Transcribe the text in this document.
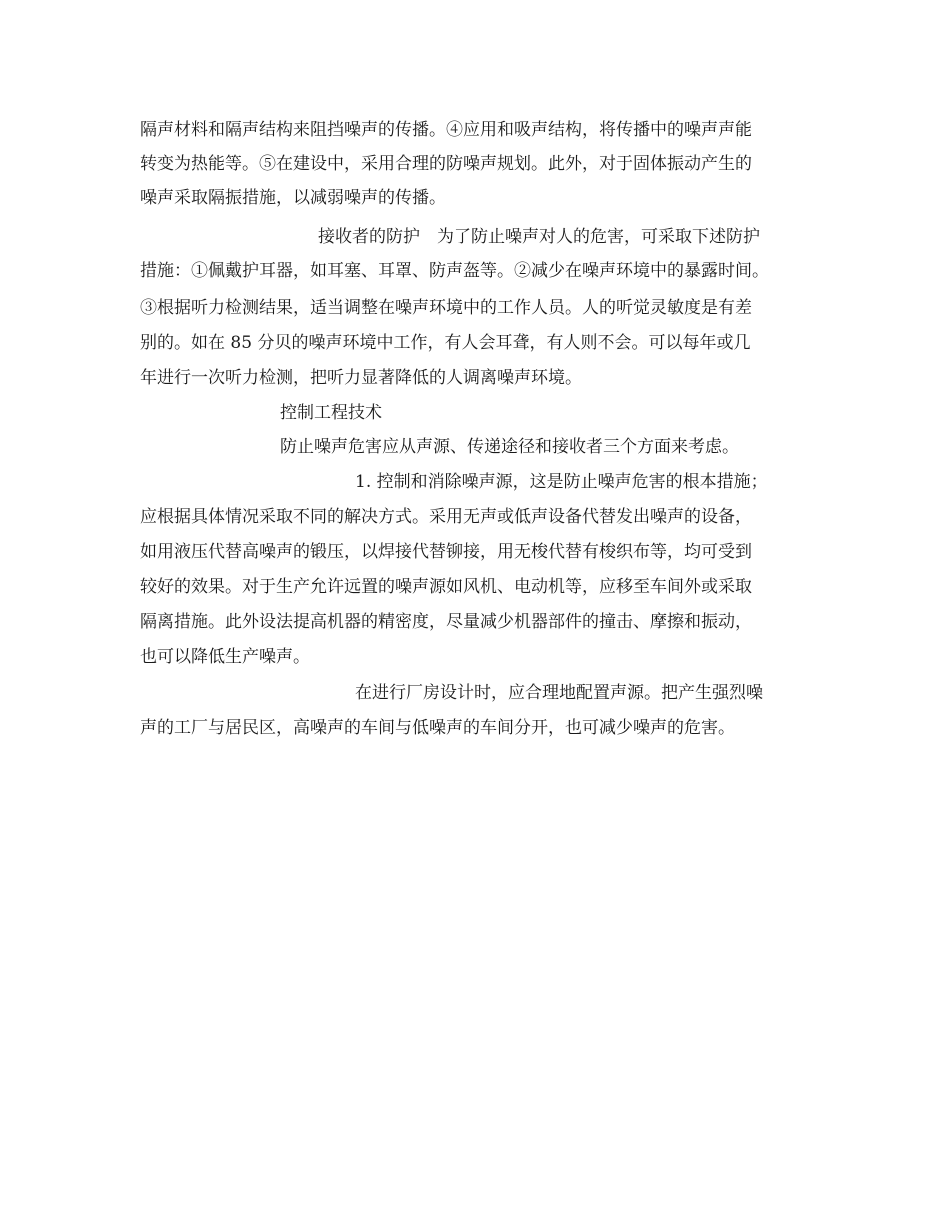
隔声材料和隔声结构来阻挡噪声的传播。④应用和吸声结构，将传播中的噪声声能

转变为热能等。⑤在建设中，采用合理的防噪声规划。此外，对于固体振动产生的

噪声采取隔振措施，以减弱噪声的传播。

接收者的防护　为了防止噪声对人的危害，可采取下述防护

措施：①佩戴护耳器，如耳塞、耳罩、防声盔等。②减少在噪声环境中的暴露时间。

③根据听力检测结果，适当调整在噪声环境中的工作人员。人的听觉灵敏度是有差

别的。如在 85 分贝的噪声环境中工作，有人会耳聋，有人则不会。可以每年或几

年进行一次听力检测，把听力显著降低的人调离噪声环境。

控制工程技术

防止噪声危害应从声源、传递途径和接收者三个方面来考虑。

1. 控制和消除噪声源，这是防止噪声危害的根本措施；

应根据具体情况采取不同的解决方式。采用无声或低声设备代替发出噪声的设备，

如用液压代替高噪声的锻压，以焊接代替铆接，用无梭代替有梭织布等，均可受到

较好的效果。对于生产允许远置的噪声源如风机、电动机等，应移至车间外或采取

隔离措施。此外设法提高机器的精密度，尽量减少机器部件的撞击、摩擦和振动，

也可以降低生产噪声。

在进行厂房设计时，应合理地配置声源。把产生强烈噪

声的工厂与居民区，高噪声的车间与低噪声的车间分开，也可减少噪声的危害。
